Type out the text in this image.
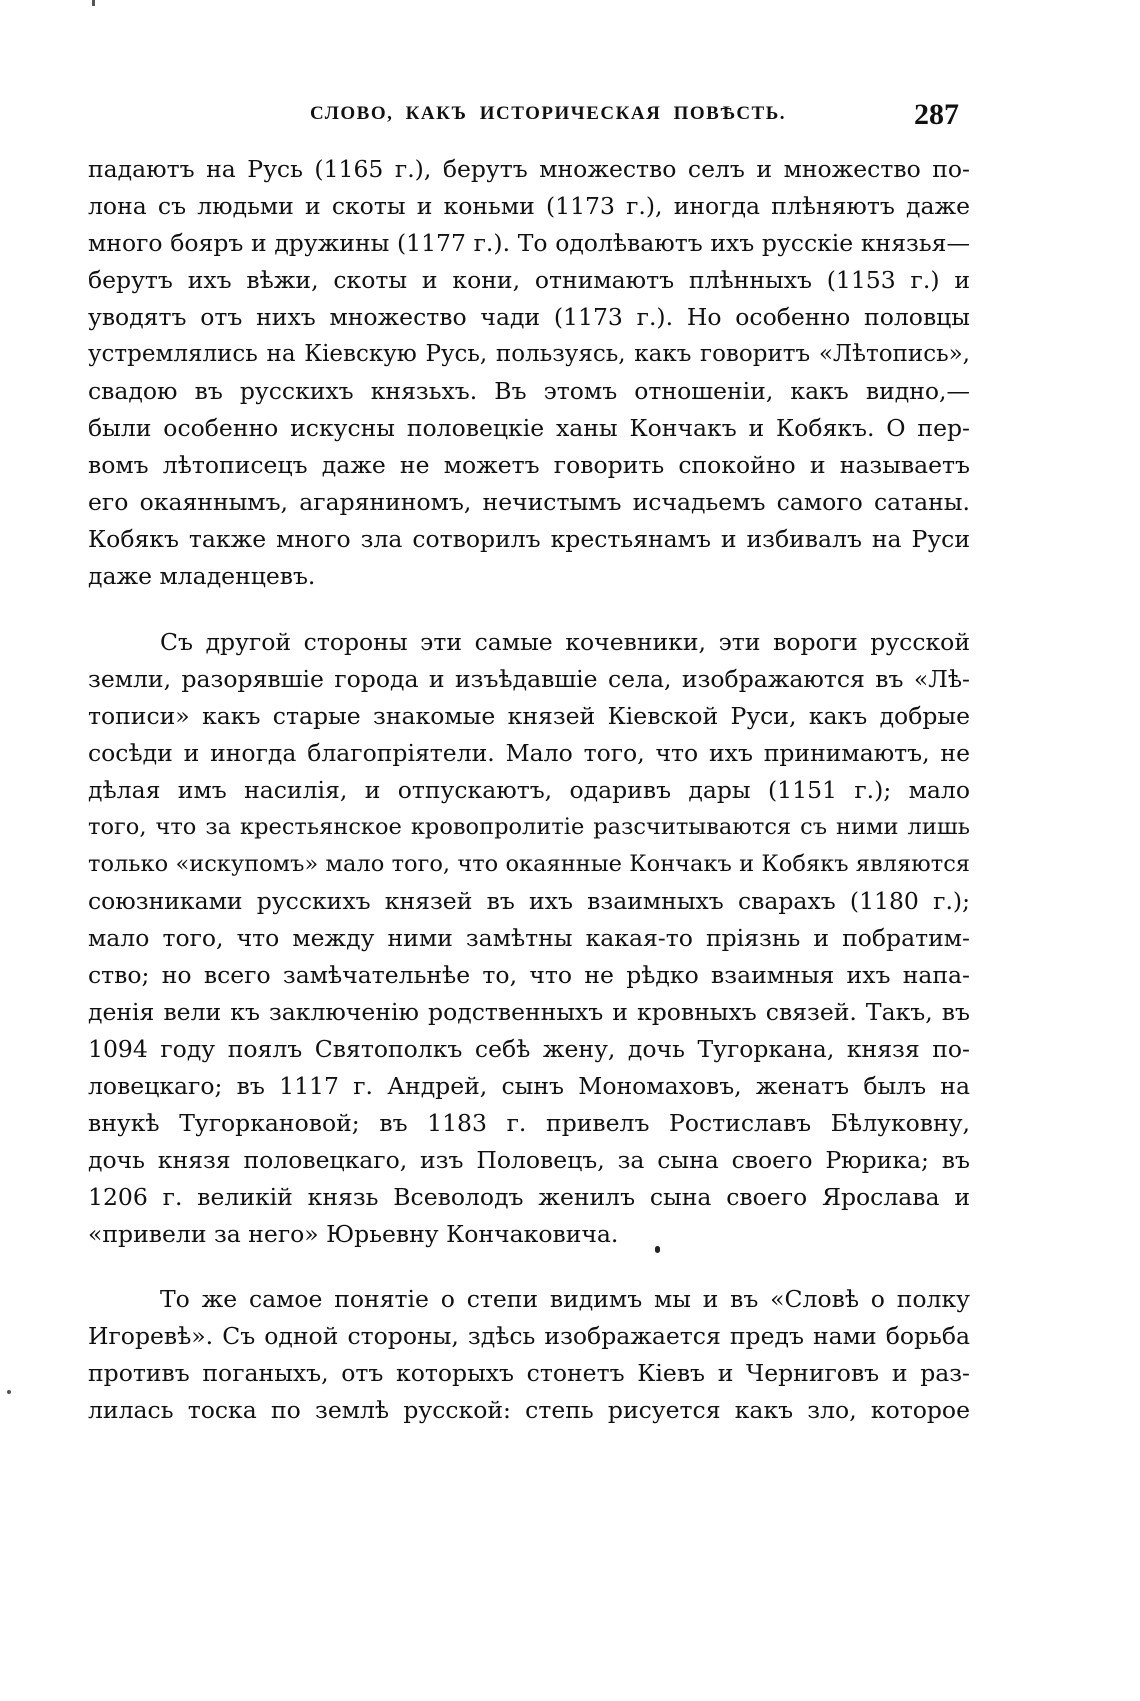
СЛОВО, КАКЪ ИСТОРИЧЕСКАЯ ПОВѢСТЬ.	287
падаютъ на Русь (1165 г.), берутъ множество селъ и множество по-
лона съ людьми и скоты и коньми (1173 г.), иногда плѣняютъ даже
много бояръ и дружины (1177 г.). То одолѣваютъ ихъ русскіе князья—
берутъ ихъ вѣжи, скоты и кони, отнимаютъ плѣнныхъ (1153 г.) и
уводятъ отъ нихъ множество чади (1173 г.). Но особенно половцы
устремлялись на Кіевскую Русь, пользуясь, какъ говоритъ «Лѣтопись»,
свадою въ русскихъ князьхъ. Въ этомъ отношеніи, какъ видно,—
были особенно искусны половецкіе ханы Кончакъ и Кобякъ. О пер-
вомъ лѣтописецъ даже не можетъ говорить спокойно и называетъ
его окаяннымъ, агаряниномъ, нечистымъ исчадьемъ самого сатаны.
Кобякъ также много зла сотворилъ крестьянамъ и избивалъ на Руси
даже младенцевъ.
Съ другой стороны эти самые кочевники, эти вороги русской
земли, разорявшіе города и изъѣдавшіе села, изображаются въ «Лѣ-
тописи» какъ старые знакомые князей Кіевской Руси, какъ добрые
сосѣди и иногда благопріятели. Мало того, что ихъ принимаютъ, не
дѣлая имъ насилія, и отпускаютъ, одаривъ дары (1151 г.); мало
того, что за крестьянское кровопролитіе разсчитываются съ ними лишь
только «искупомъ» мало того, что окаянные Кончакъ и Кобякъ являются
союзниками русскихъ князей въ ихъ взаимныхъ сварахъ (1180 г.);
мало того, что между ними замѣтны какая-то пріязнь и побратим-
ство; но всего замѣчательнѣе то, что не рѣдко взаимныя ихъ напа-
денія вели къ заключенію родственныхъ и кровныхъ связей. Такъ, въ
1094 году поялъ Святополкъ себѣ жену, дочь Тугоркана, князя по-
ловецкаго; въ 1117 г. Андрей, сынъ Мономаховъ, женатъ былъ на
внукѣ Тугоркановой; въ 1183 г. привелъ Ростиславъ Бѣлуковну,
дочь князя половецкаго, изъ Половецъ, за сына своего Рюрика; въ
1206 г. великій князь Всеволодъ женилъ сына своего Ярослава и
«привели за него» Юрьевну Кончаковича.
То же самое понятіе о степи видимъ мы и въ «Словѣ о полку
Игоревѣ». Съ одной стороны, здѣсь изображается предъ нами борьба
противъ поганыхъ, отъ которыхъ стонетъ Кіевъ и Черниговъ и раз-
лилась тоска по землѣ русской: степь рисуется какъ зло, которое
